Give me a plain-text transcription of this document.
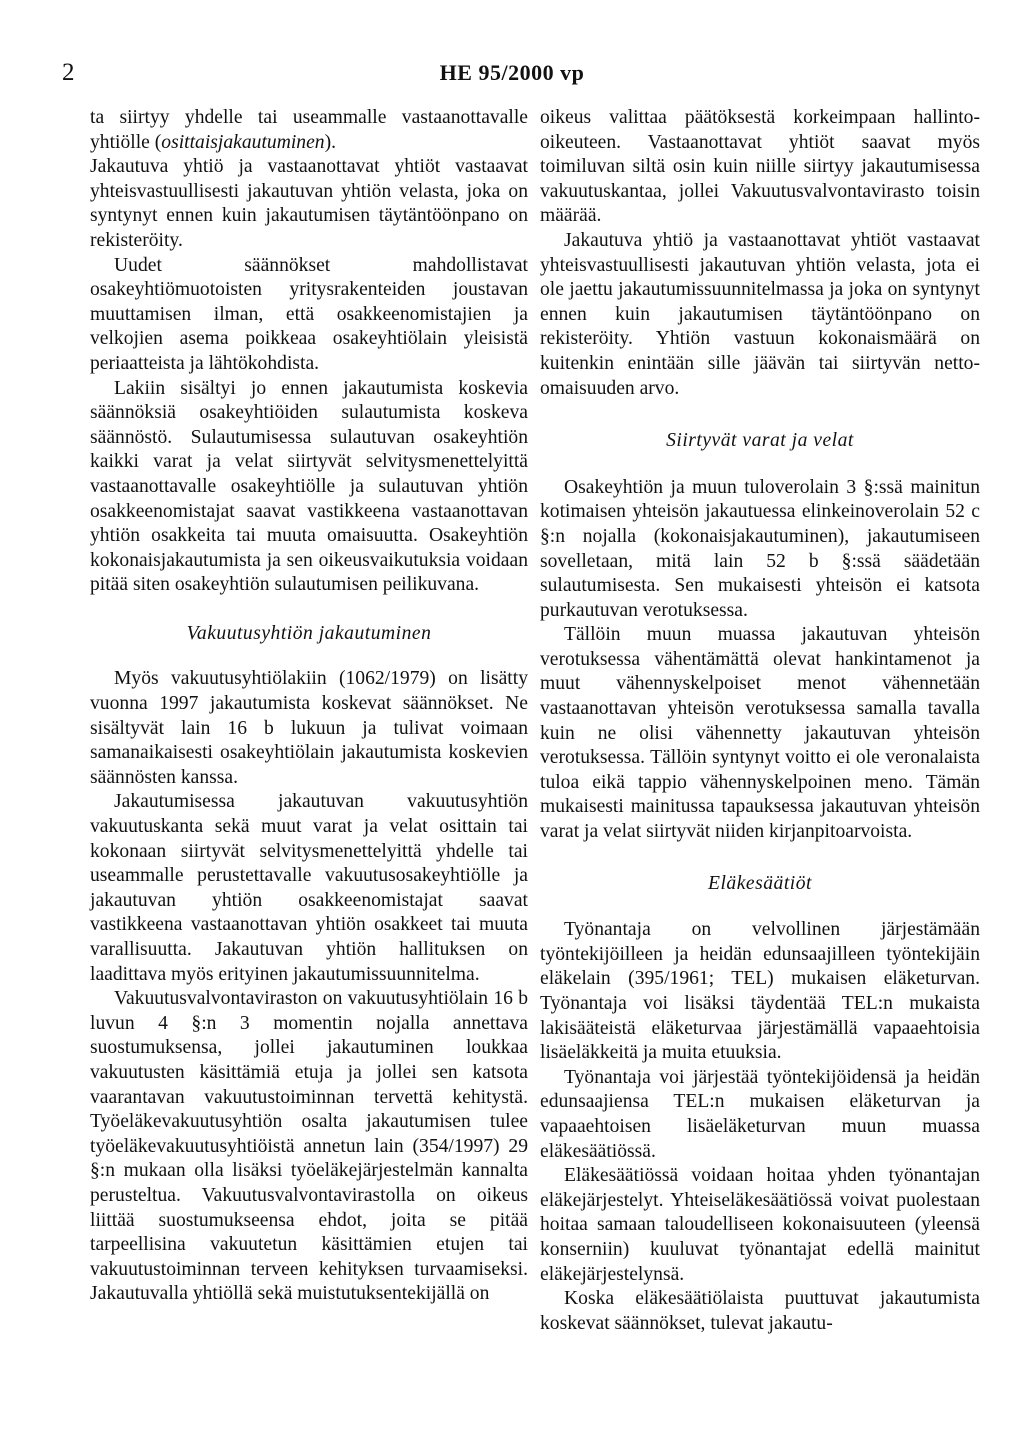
2	HE 95/2000 vp

ta siirtyy yhdelle tai useammalle vastaanottavalle yhtiölle (osittaisjakautuminen).

Jakautuva yhtiö ja vastaanottavat yhtiöt vastaavat yhteisvastuullisesti jakautuvan yhtiön velasta, joka on syntynyt ennen kuin jakautumisen täytäntöönpano on rekisteröity.

Uudet säännökset mahdollistavat osakeyhtiömuotoisten yritysrakenteiden joustavan muuttamisen ilman, että osakkeenomistajien ja velkojien asema poikkeaa osakeyhtiölain yleisistä periaatteista ja lähtökohdista.

Lakiin sisältyi jo ennen jakautumista koskevia säännöksiä osakeyhtiöiden sulautumista koskeva säännöstö. Sulautumisessa sulautuvan osakeyhtiön kaikki varat ja velat siirtyvät selvitysmenettelyittä vastaanottavalle osakeyhtiölle ja sulautuvan yhtiön osakkeenomistajat saavat vastikkeena vastaanottavan yhtiön osakkeita tai muuta omaisuutta. Osakeyhtiön kokonaisjakautumista ja sen oikeusvaikutuksia voidaan pitää siten osakeyhtiön sulautumisen peilikuvana.

Vakuutusyhtiön jakautuminen

Myös vakuutusyhtiölakiin (1062/1979) on lisätty vuonna 1997 jakautumista koskevat säännökset. Ne sisältyvät lain 16 b lukuun ja tulivat voimaan samanaikaisesti osakeyhtiölain jakautumista koskevien säännösten kanssa.

Jakautumisessa jakautuvan vakuutusyhtiön vakuutuskanta sekä muut varat ja velat osittain tai kokonaan siirtyvät selvitysmenettelyittä yhdelle tai useammalle perustettavalle vakuutusosakeyhtiölle ja jakautuvan yhtiön osakkeenomistajat saavat vastikkeena vastaanottavan yhtiön osakkeet tai muuta varallisuutta. Jakautuvan yhtiön hallituksen on laadittava myös erityinen jakautumissuunnitelma.

Vakuutusvalvontaviraston on vakuutusyhtiölain 16 b luvun 4 §:n 3 momentin nojalla annettava suostumuksensa, jollei jakautuminen loukkaa vakuutusten käsittämiä etuja ja jollei sen katsota vaarantavan vakuutustoiminnan tervettä kehitystä. Työeläkevakuutusyhtiön osalta jakautumisen tulee työeläkevakuutusyhtiöistä annetun lain (354/1997) 29 §:n mukaan olla lisäksi työeläkejärjestelmän kannalta perusteltua. Vakuutusvalvontavirastolla on oikeus liittää suostumukseensa ehdot, joita se pitää tarpeellisina vakuutetun käsittämien etujen tai vakuutustoiminnan terveen kehityksen turvaamiseksi. Jakautuvalla yhtiöllä sekä muistutuksentekijällä on

oikeus valittaa päätöksestä korkeimpaan hallinto-oikeuteen. Vastaanottavat yhtiöt saavat myös toimiluvan siltä osin kuin niille siirtyy jakautumisessa vakuutuskantaa, jollei Vakuutusvalvontavirasto toisin määrää.

Jakautuva yhtiö ja vastaanottavat yhtiöt vastaavat yhteisvastuullisesti jakautuvan yhtiön velasta, jota ei ole jaettu jakautumissuunnitelmassa ja joka on syntynyt ennen kuin jakautumisen täytäntöönpano on rekisteröity. Yhtiön vastuun kokonaismäärä on kuitenkin enintään sille jäävän tai siirtyvän netto-omaisuuden arvo.

Siirtyvät varat ja velat

Osakeyhtiön ja muun tuloverolain 3 §:ssä mainitun kotimaisen yhteisön jakautuessa elinkeinoverolain 52 c §:n nojalla (kokonaisjakautuminen), jakautumiseen sovelletaan, mitä lain 52 b §:ssä säädetään sulautumisesta. Sen mukaisesti yhteisön ei katsota purkautuvan verotuksessa.

Tällöin muun muassa jakautuvan yhteisön verotuksessa vähentämättä olevat hankintamenot ja muut vähennyskelpoiset menot vähennetään vastaanottavan yhteisön verotuksessa samalla tavalla kuin ne olisi vähennetty jakautuvan yhteisön verotuksessa. Tällöin syntynyt voitto ei ole veronalaista tuloa eikä tappio vähennyskelpoinen meno. Tämän mukaisesti mainitussa tapauksessa jakautuvan yhteisön varat ja velat siirtyvät niiden kirjanpitoarvoista.

Eläkesäätiöt

Työnantaja on velvollinen järjestämään työntekijöilleen ja heidän edunsaajilleen työntekijäin eläkelain (395/1961; TEL) mukaisen eläketurvan. Työnantaja voi lisäksi täydentää TEL:n mukaista lakisääteistä eläketurvaa järjestämällä vapaaehtoisia lisäeläkkeitä ja muita etuuksia.

Työnantaja voi järjestää työntekijöidensä ja heidän edunsaajiensa TEL:n mukaisen eläketurvan ja vapaaehtoisen lisäeläketurvan muun muassa eläkesäätiössä.

Eläkesäätiössä voidaan hoitaa yhden työnantajan eläkejärjestelyt. Yhteiseläkesäätiössä voivat puolestaan hoitaa samaan taloudelliseen kokonaisuuteen (yleensä konserniin) kuuluvat työnantajat edellä mainitut eläkejärjestelynsä.

Koska eläkesäätiölaista puuttuvat jakautumista koskevat säännökset, tulevat jakautu-
